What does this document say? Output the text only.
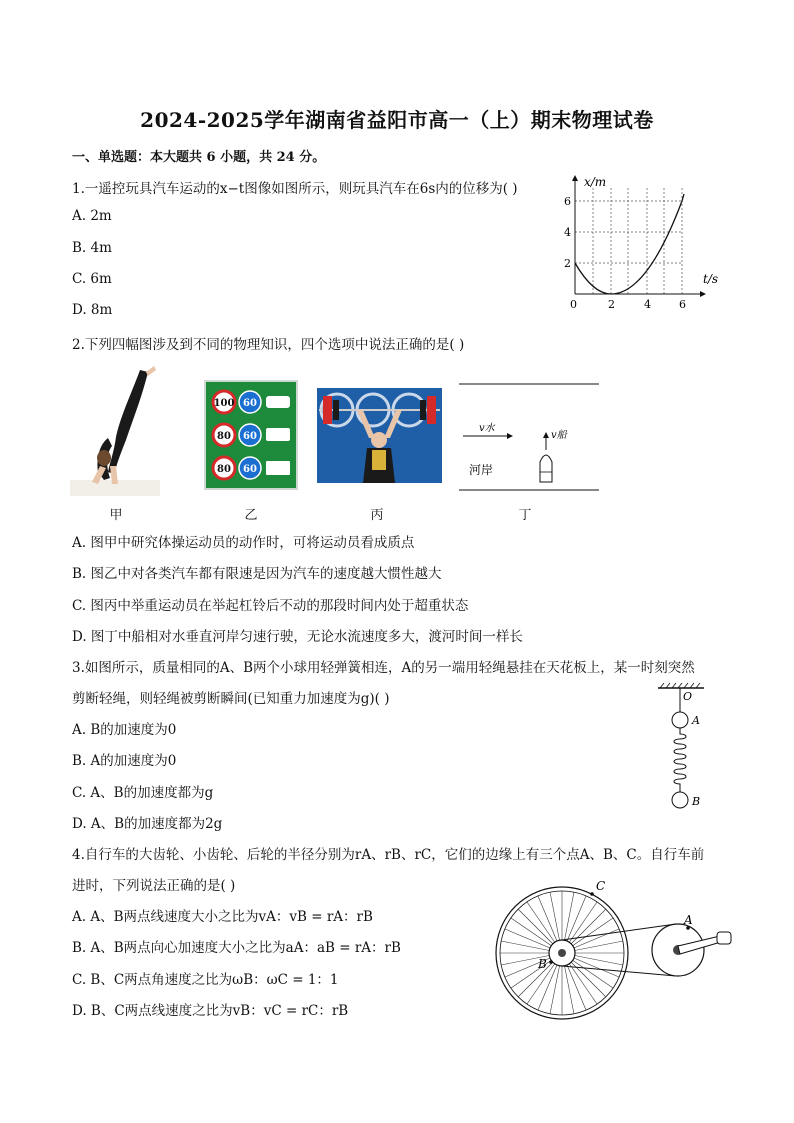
2024-2025学年湖南省益阳市高一（上）期末物理试卷
一、单选题：本大题共 6 小题，共 24 分。
1.一遥控玩具汽车运动的x−t图像如图所示，则玩具汽车在6s内的位移为( )
A. 2m
B. 4m
C. 6m
D. 8m
x/m
t/s
0	2	4	6
2
4
6
2.下列四幅图涉及到不同的物理知识，四个选项中说法正确的是( )
甲
100 60
80 60
80 60
乙	丙
v水
v船
河岸
丁
A. 图甲中研究体操运动员的动作时，可将运动员看成质点
B. 图乙中对各类汽车都有限速是因为汽车的速度越大惯性越大
C. 图丙中举重运动员在举起杠铃后不动的那段时间内处于超重状态
D. 图丁中船相对水垂直河岸匀速行驶，无论水流速度多大，渡河时间一样长
3.如图所示，质量相同的A、B两个小球用轻弹簧相连，A的另一端用轻绳悬挂在天花板上，某一时刻突然
剪断轻绳，则轻绳被剪断瞬间(已知重力加速度为g)( )
A. B的加速度为0
B. A的加速度为0
C. A、B的加速度都为g
D. A、B的加速度都为2g
O
A
B
4.自行车的大齿轮、小齿轮、后轮的半径分别为rA、rB、rC，它们的边缘上有三个点A、B、C。自行车前
进时，下列说法正确的是( )
A. A、B两点线速度大小之比为vA：vB = rA：rB
B. A、B两点向心加速度大小之比为aA：aB = rA：rB
C. B、C两点角速度之比为ωB：ωC = 1：1
D. B、C两点线速度之比为vB：vC = rC：rB
A
B
C
